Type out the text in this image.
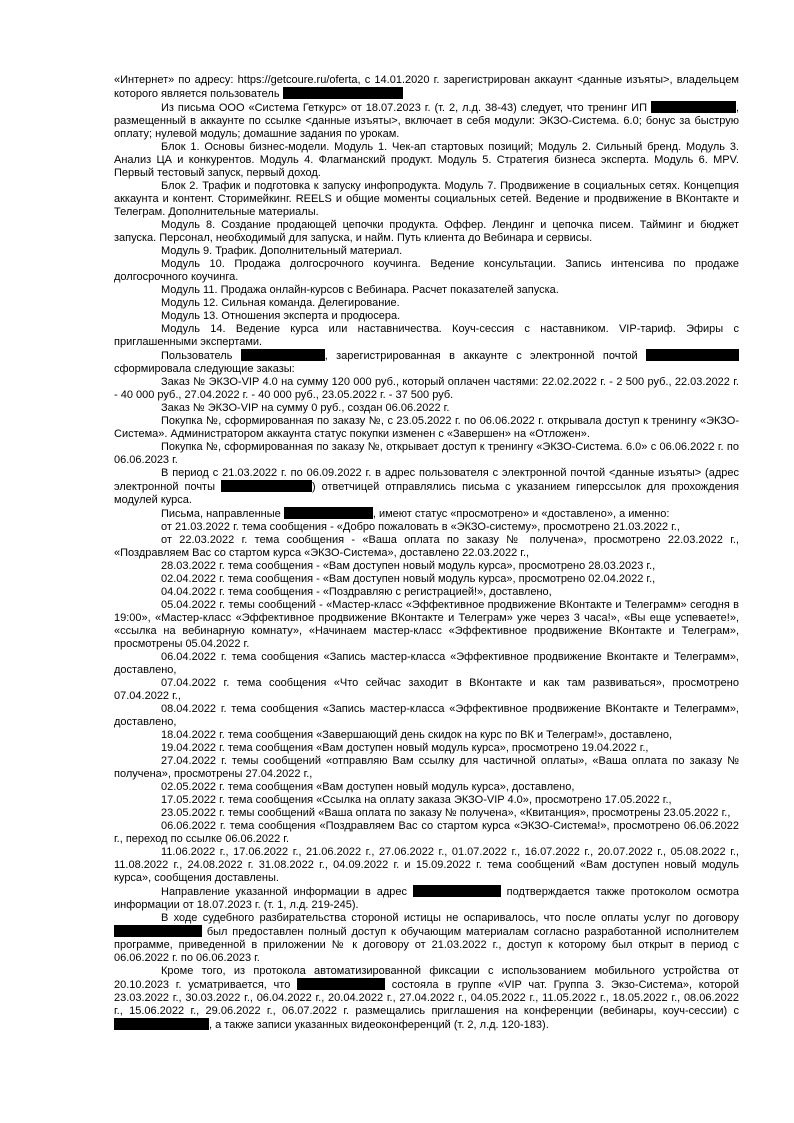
«Интернет» по адресу: https://getcoure.ru/oferta, с 14.01.2020 г. зарегистрирован аккаунт <данные изъяты>, владельцем которого является пользователь

Из письма ООО «Система Геткурс» от 18.07.2023 г. (т. 2, л.д. 38-43) следует, что тренинг ИП	, размещенный в аккаунте по ссылке <данные изъяты>, включает в себя модули: ЭКЗО-Система. 6.0; бонус за быструю оплату; нулевой модуль; домашние задания по урокам.

Блок 1. Основы бизнес-модели. Модуль 1. Чек-ап стартовых позиций; Модуль 2. Сильный бренд. Модуль 3. Анализ ЦА и конкурентов. Модуль 4. Флагманский продукт. Модуль 5. Стратегия бизнеса эксперта. Модуль 6. MPV. Первый тестовый запуск, первый доход.

Блок 2. Трафик и подготовка к запуску инфопродукта. Модуль 7. Продвижение в социальных сетях. Концепция аккаунта и контент. Сторимейкинг. REELS и общие моменты социальных сетей. Ведение и продвижение в ВКонтакте и Телеграм. Дополнительные материалы.

Модуль 8. Создание продающей цепочки продукта. Оффер. Лендинг и цепочка писем. Тайминг и бюджет запуска. Персонал, необходимый для запуска, и найм. Путь клиента до Вебинара и сервисы.

Модуль 9. Трафик. Дополнительный материал.

Модуль 10. Продажа долгосрочного коучинга. Ведение консультации. Запись интенсива по продаже долгосрочного коучинга.

Модуль 11. Продажа онлайн-курсов с Вебинара. Расчет показателей запуска.

Модуль 12. Сильная команда. Делегирование.

Модуль 13. Отношения эксперта и продюсера.

Модуль 14. Ведение курса или наставничества. Коуч-сессия с наставником. VIP-тариф. Эфиры с приглашенными экспертами.

Пользователь	, зарегистрированная в аккаунте с электронной почтой  сформировала следующие заказы:

Заказ № ЭКЗО-VIP 4.0 на сумму 120 000 руб., который оплачен частями: 22.02.2022 г. - 2 500 руб., 22.03.2022 г. - 40 000 руб., 27.04.2022 г. - 40 000 руб., 23.05.2022 г. - 37 500 руб.

Заказ № ЭКЗО-VIP на сумму 0 руб., создан 06.06.2022 г.

Покупка №, сформированная по заказу №, с 23.05.2022 г. по 06.06.2022 г. открывала доступ к тренингу «ЭКЗО-Система». Администратором аккаунта статус покупки изменен с «Завершен» на «Отложен».

Покупка №, сформированная по заказу №, открывает доступ к тренингу «ЭКЗО-Система. 6.0» с 06.06.2022 г. по 06.06.2023 г.

В период с 21.03.2022 г. по 06.09.2022 г. в адрес пользователя с электронной почтой <данные изъяты> (адрес электронной почты	) ответчицей отправлялись письма с указанием гиперссылок для прохождения модулей курса.

Письма, направленные	, имеют статус «просмотрено» и «доставлено», а именно:

от 21.03.2022 г. тема сообщения - «Добро пожаловать в «ЭКЗО-систему», просмотрено 21.03.2022 г.,

от 22.03.2022 г. тема сообщения - «Ваша оплата по заказу № получена», просмотрено 22.03.2022 г., «Поздравляем Вас со стартом курса «ЭКЗО-Система», доставлено 22.03.2022 г.,

28.03.2022 г. тема сообщения - «Вам доступен новый модуль курса», просмотрено 28.03.2023 г.,

02.04.2022 г. тема сообщения - «Вам доступен новый модуль курса», просмотрено 02.04.2022 г.,

04.04.2022 г. тема сообщения - «Поздравляю с регистрацией!», доставлено,

05.04.2022 г. темы сообщений - «Мастер-класс «Эффективное продвижение ВКонтакте и Телеграмм» сегодня в 19:00», «Мастер-класс «Эффективное продвижение ВКонтакте и Телеграм» уже через 3 часа!», «Вы еще успеваете!», «ссылка на вебинарную комнату», «Начинаем мастер-класс «Эффективное продвижение ВКонтакте и Телеграм», просмотрены 05.04.2022 г.

06.04.2022 г. тема сообщения «Запись мастер-класса «Эффективное продвижение Вконтакте и Телеграмм», доставлено,

07.04.2022 г. тема сообщения «Что сейчас заходит в ВКонтакте и как там развиваться», просмотрено 07.04.2022 г.,

08.04.2022 г. тема сообщения «Запись мастер-класса «Эффективное продвижение ВКонтакте и Телеграмм», доставлено,

18.04.2022 г. тема сообщения «Завершающий день скидок на курс по ВК и Телеграм!», доставлено,

19.04.2022 г. тема сообщения «Вам доступен новый модуль курса», просмотрено 19.04.2022 г.,

27.04.2022 г. темы сообщений «отправляю Вам ссылку для частичной оплаты», «Ваша оплата по заказу № получена», просмотрены 27.04.2022 г.,

02.05.2022 г. тема сообщения «Вам доступен новый модуль курса», доставлено,

17.05.2022 г. тема сообщения «Ссылка на оплату заказа ЭКЗО-VIP 4.0», просмотрено 17.05.2022 г.,

23.05.2022 г. темы сообщений «Ваша оплата по заказу № получена», «Квитанция», просмотрены 23.05.2022 г.,

06.06.2022 г. тема сообщения «Поздравляем Вас со стартом курса «ЭКЗО-Система!», просмотрено 06.06.2022 г., переход по ссылке 06.06.2022 г.

11.06.2022 г., 17.06.2022 г., 21.06.2022 г., 27.06.2022 г., 01.07.2022 г., 16.07.2022 г., 20.07.2022 г., 05.08.2022 г., 11.08.2022 г., 24.08.2022 г. 31.08.2022 г., 04.09.2022 г. и 15.09.2022 г. тема сообщений «Вам доступен новый модуль курса», сообщения доставлены.

Направление указанной информации в адрес	подтверждается также протоколом осмотра информации от 18.07.2023 г. (т. 1, л.д. 219-245).

В ходе судебного разбирательства стороной истицы не оспаривалось, что после оплаты услуг по договору  был предоставлен полный доступ к обучающим материалам согласно разработанной исполнителем программе, приведенной в приложении № к договору от 21.03.2022 г., доступ к которому был открыт в период с 06.06.2022 г. по 06.06.2023 г.

Кроме того, из протокола автоматизированной фиксации с использованием мобильного устройства от 20.10.2023 г. усматривается, что	состояла в группе «VIP чат. Группа 3. Экзо-Система», которой 23.03.2022 г., 30.03.2022 г., 06.04.2022 г., 20.04.2022 г., 27.04.2022 г., 04.05.2022 г., 11.05.2022 г., 18.05.2022 г., 08.06.2022 г., 15.06.2022 г., 29.06.2022 г., 06.07.2022 г. размещались приглашения на конференции (вебинары, коуч-сессии) с , а также записи указанных видеоконференций (т. 2, л.д. 120-183).
